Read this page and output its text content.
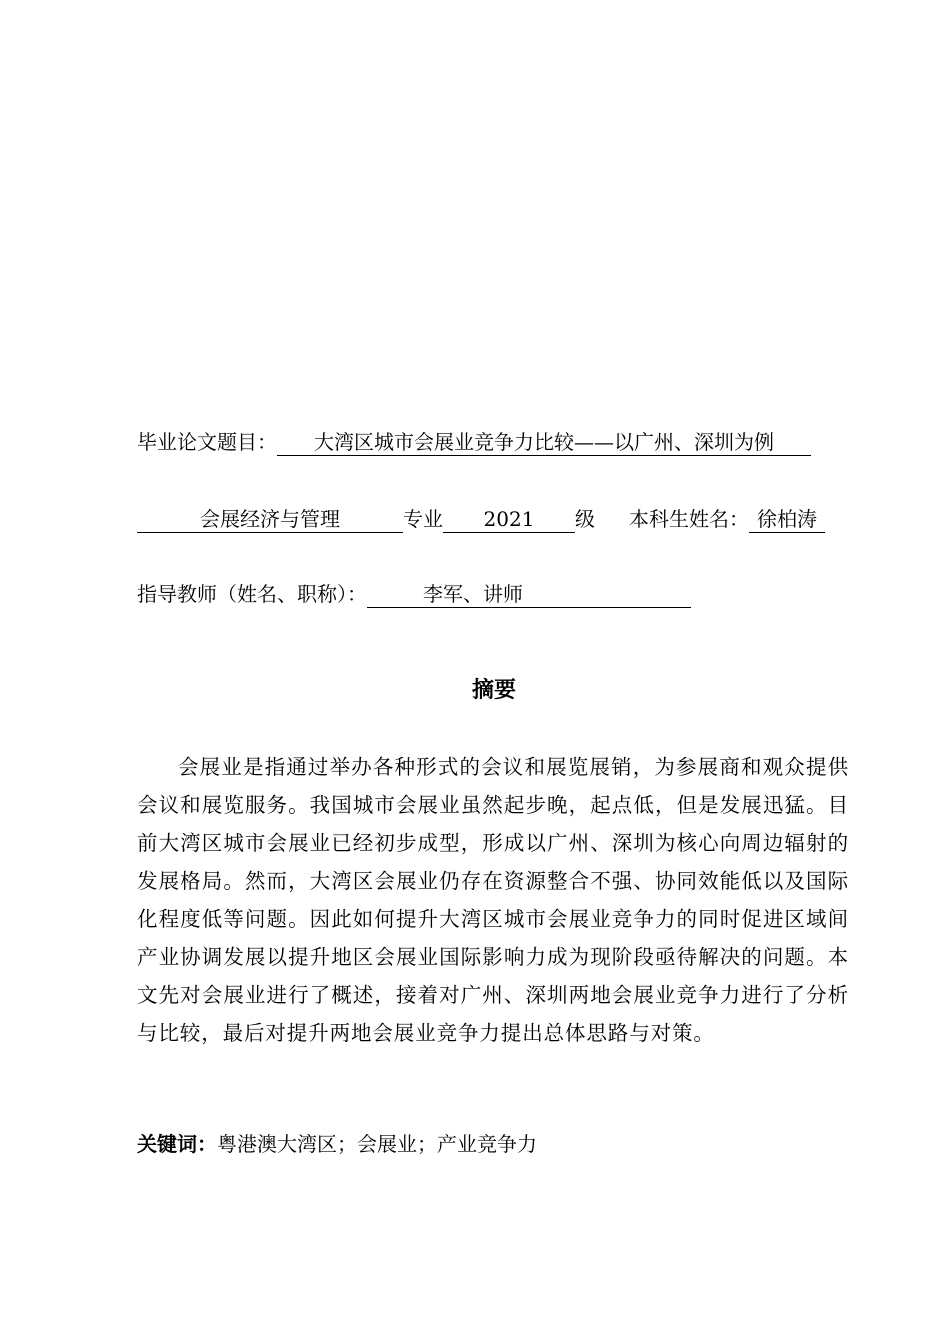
毕业论文题目： 大湾区城市会展业竞争力比较——以广州、深圳为例
会展经济与管理	专业 2021 级 本科生姓名： 徐柏涛
指导教师（姓名、职称）：	李军、讲师
摘要
会展业是指通过举办各种形式的会议和展览展销，为参展商和观众提供会议和展览服务。我国城市会展业虽然起步晚，起点低，但是发展迅猛。目前大湾区城市会展业已经初步成型，形成以广州、深圳为核心向周边辐射的发展格局。然而，大湾区会展业仍存在资源整合不强、协同效能低以及国际化程度低等问题。因此如何提升大湾区城市会展业竞争力的同时促进区域间产业协调发展以提升地区会展业国际影响力成为现阶段亟待解决的问题。本文先对会展业进行了概述，接着对广州、深圳两地会展业竞争力进行了分析与比较，最后对提升两地会展业竞争力提出总体思路与对策。
关键词：粤港澳大湾区；会展业；产业竞争力
